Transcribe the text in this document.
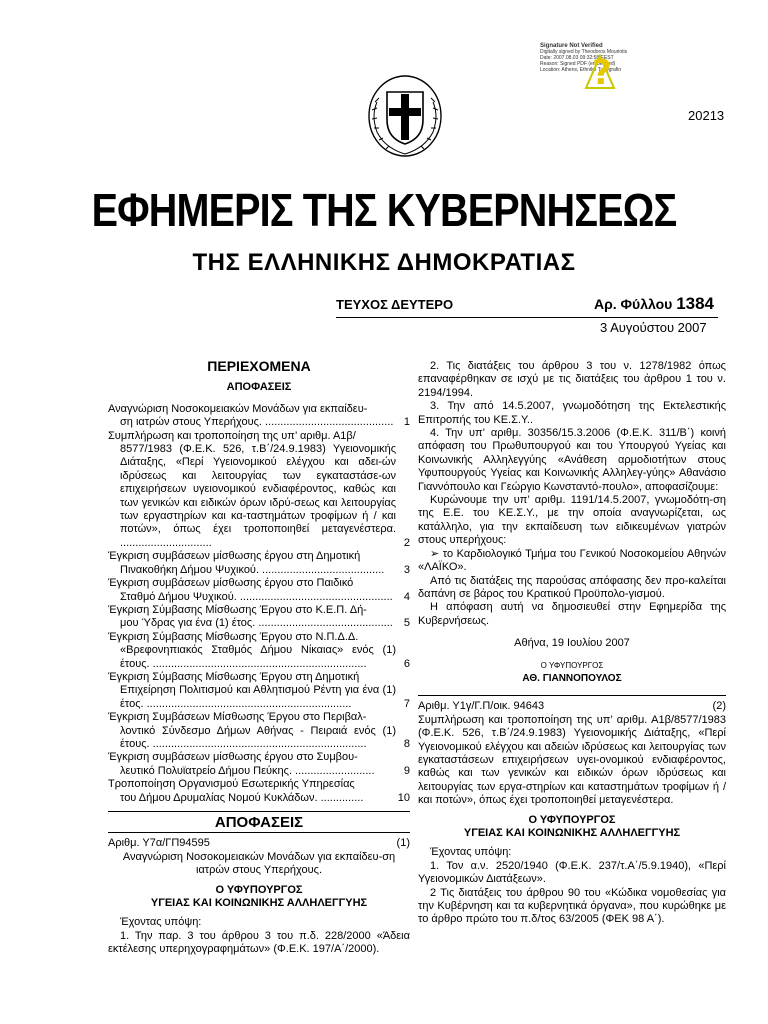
Signature Not Verified
Digitally signed by Theodoros Mouriotis Date: 2007.08.03 09:32:58 EEST Reason: Signed PDF (embedded) Location: Athens, Ethniko Typografio
?
20213
ΕΦΗΜΕΡΙΣ ΤΗΣ ΚΥΒΕΡΝΗΣΕΩΣ
ΤΗΣ ΕΛΛΗΝΙΚΗΣ ΔΗΜΟΚΡΑΤΙΑΣ
ΤΕΥΧΟΣ ΔΕΥΤΕΡΟ	Αρ. Φύλλου 1384
3 Αυγούστου 2007
ΠΕΡΙΕΧΟΜΕΝΑ
ΑΠΟΦΑΣΕΙΣ
Αναγνώριση Νοσοκομειακών Μονάδων για εκπαίδευ-
ση ιατρών στους Υπερήχους. .......................................... 1
Συμπλήρωση και τροποποίηση της υπ’ αριθμ. Α1β/
8577/1983 (Φ.Ε.Κ. 526, τ.Β΄/24.9.1983) Υγειονομικής Διάταξης, «Περί Υγειονομικού ελέγχου και αδει-ών ιδρύσεως και λειτουργίας των εγκαταστάσε-ων επιχειρήσεων υγειονομικού ενδιαφέροντος, καθώς και των γενικών και ειδικών όρων ιδρύ-σεως και λειτουργίας των εργαστηρίων και κα-ταστημάτων τροφίμων ή / και ποτών», όπως έχει τροποποιηθεί μεταγενέστερα. ..............................	2
Έγκριση συμβάσεων μίσθωσης έργου στη Δημοτική
Πινακοθήκη Δήμου Ψυχικού. ........................................	3
Έγκριση συμβάσεων μίσθωσης έργου στο Παιδικό
Σταθμό Δήμου Ψυχικού. ..................................................	4
Έγκριση Σύμβασης Μίσθωσης Έργου στο Κ.Ε.Π. Δή-
μου Ύδρας για ένα (1) έτος. ............................................	5
Έγκριση Σύμβασης Μίσθωσης Έργου στο Ν.Π.Δ.Δ.
«Βρεφονηπιακός Σταθμός Δήμου Νίκαιας» ενός (1) έτους. ......................................................................	6
Έγκριση Σύμβασης Μίσθωσης Έργου στη Δημοτική
Επιχείρηση Πολιτισμού και Αθλητισμού Ρέντη για ένα (1) έτος. ...................................................................	7
Έγκριση Συμβάσεων Μίσθωσης Έργου στο Περιβαλ-
λοντικό Σύνδεσμο Δήμων Αθήνας - Πειραιά ενός (1) έτους. ......................................................................	8
Έγκριση συμβάσεων μίσθωσης έργου στο Συμβου-
λευτικό Πολυϊατρείο Δήμου Πεύκης. ..........................	9
Τροποποίηση Οργανισμού Εσωτερικής Υπηρεσίας
του Δήμου Δρυμαλίας Νομού Κυκλάδων. ..............	10
ΑΠΟΦΑΣΕΙΣ
Αριθμ. Υ7α/ΓΠ94595	(1)

Αναγνώριση Νοσοκομειακών Μονάδων για εκπαίδευ-ση ιατρών στους Υπερήχους.

Ο ΥΦΥΠΟΥΡΓΟΣ

ΥΓΕΙΑΣ ΚΑΙ ΚΟΙΝΩΝΙΚΗΣ ΑΛΛΗΛΕΓΓΥΗΣ

Έχοντας υπόψη:

1. Την παρ. 3 του άρθρου 3 του π.δ. 228/2000 «Άδεια εκτέλεσης υπερηχογραφημάτων» (Φ.Ε.Κ. 197/Α΄/2000).

2. Τις διατάξεις του άρθρου 3 του ν. 1278/1982 όπως επαναφέρθηκαν σε ισχύ με τις διατάξεις του άρθρου 1 του ν. 2194/1994.

3. Την από 14.5.2007, γνωμοδότηση της Εκτελεστικής Επιτροπής του ΚΕ.Σ.Υ..

4. Την υπ’ αριθμ. 30356/15.3.2006 (Φ.Ε.Κ. 311/Β΄) κοινή απόφαση του Πρωθυπουργού και του Υπουργού Υγείας και Κοινωνικής Αλληλεγγύης «Ανάθεση αρμοδιοτήτων στους Υφυπουργούς Υγείας και Κοινωνικής Αλληλεγ-γύης» Αθανάσιο Γιαννόπουλο και Γεώργιο Κωνσταντό-πουλο», αποφασίζουμε:

Κυρώνουμε την υπ’ αριθμ. 1191/14.5.2007, γνωμοδότη-ση της Ε.Ε. του ΚΕ.Σ.Υ., με την οποία αναγνωρίζεται, ως κατάλληλο, για την εκπαίδευση των ειδικευμένων γιατρών στους υπερήχους:

➢ το Καρδιολογικό Τμήμα του Γενικού Νοσοκομείου Αθηνών «ΛΑΪΚΟ».

Από τις διατάξεις της παρούσας απόφασης δεν προ-καλείται δαπάνη σε βάρος του Κρατικού Προϋπολο-γισμού.

Η απόφαση αυτή να δημοσιευθεί στην Εφημερίδα της Κυβερνήσεως.

Αθήνα, 19 Ιουλίου 2007

Ο ΥΦΥΠΟΥΡΓΟΣ

ΑΘ. ΓΙΑΝΝΟΠΟΥΛΟΣ

Αριθμ. Υ1γ/Γ.Π/οικ. 94643	(2)

Συμπλήρωση και τροποποίηση της υπ’ αριθμ. Α1β/8577/1983 (Φ.Ε.Κ. 526, τ.Β΄/24.9.1983) Υγειονομικής Διάταξης, «Περί Υγειονομικού ελέγχου και αδειών ιδρύσεως και λειτουργίας των εγκαταστάσεων επιχειρήσεων υγει-ονομικού ενδιαφέροντος, καθώς και των γενικών και ειδικών όρων ιδρύσεως και λειτουργίας των εργα-στηρίων και καταστημάτων τροφίμων ή / και ποτών», όπως έχει τροποποιηθεί μεταγενέστερα.

Ο ΥΦΥΠΟΥΡΓΟΣ

ΥΓΕΙΑΣ ΚΑΙ ΚΟΙΝΩΝΙΚΗΣ ΑΛΛΗΛΕΓΓΥΗΣ

Έχοντας υπόψη:

1. Τον α.ν. 2520/1940 (Φ.Ε.Κ. 237/τ.Α΄/5.9.1940), «Περί Υγειονομικών Διατάξεων».

2 Τις διατάξεις του άρθρου 90 του «Κώδικα νομοθεσίας για την Κυβέρνηση και τα κυβερνητικά όργανα», που κυρώθηκε με το άρθρο πρώτο του π.δ/τος 63/2005 (ΦΕΚ 98 Α΄).
